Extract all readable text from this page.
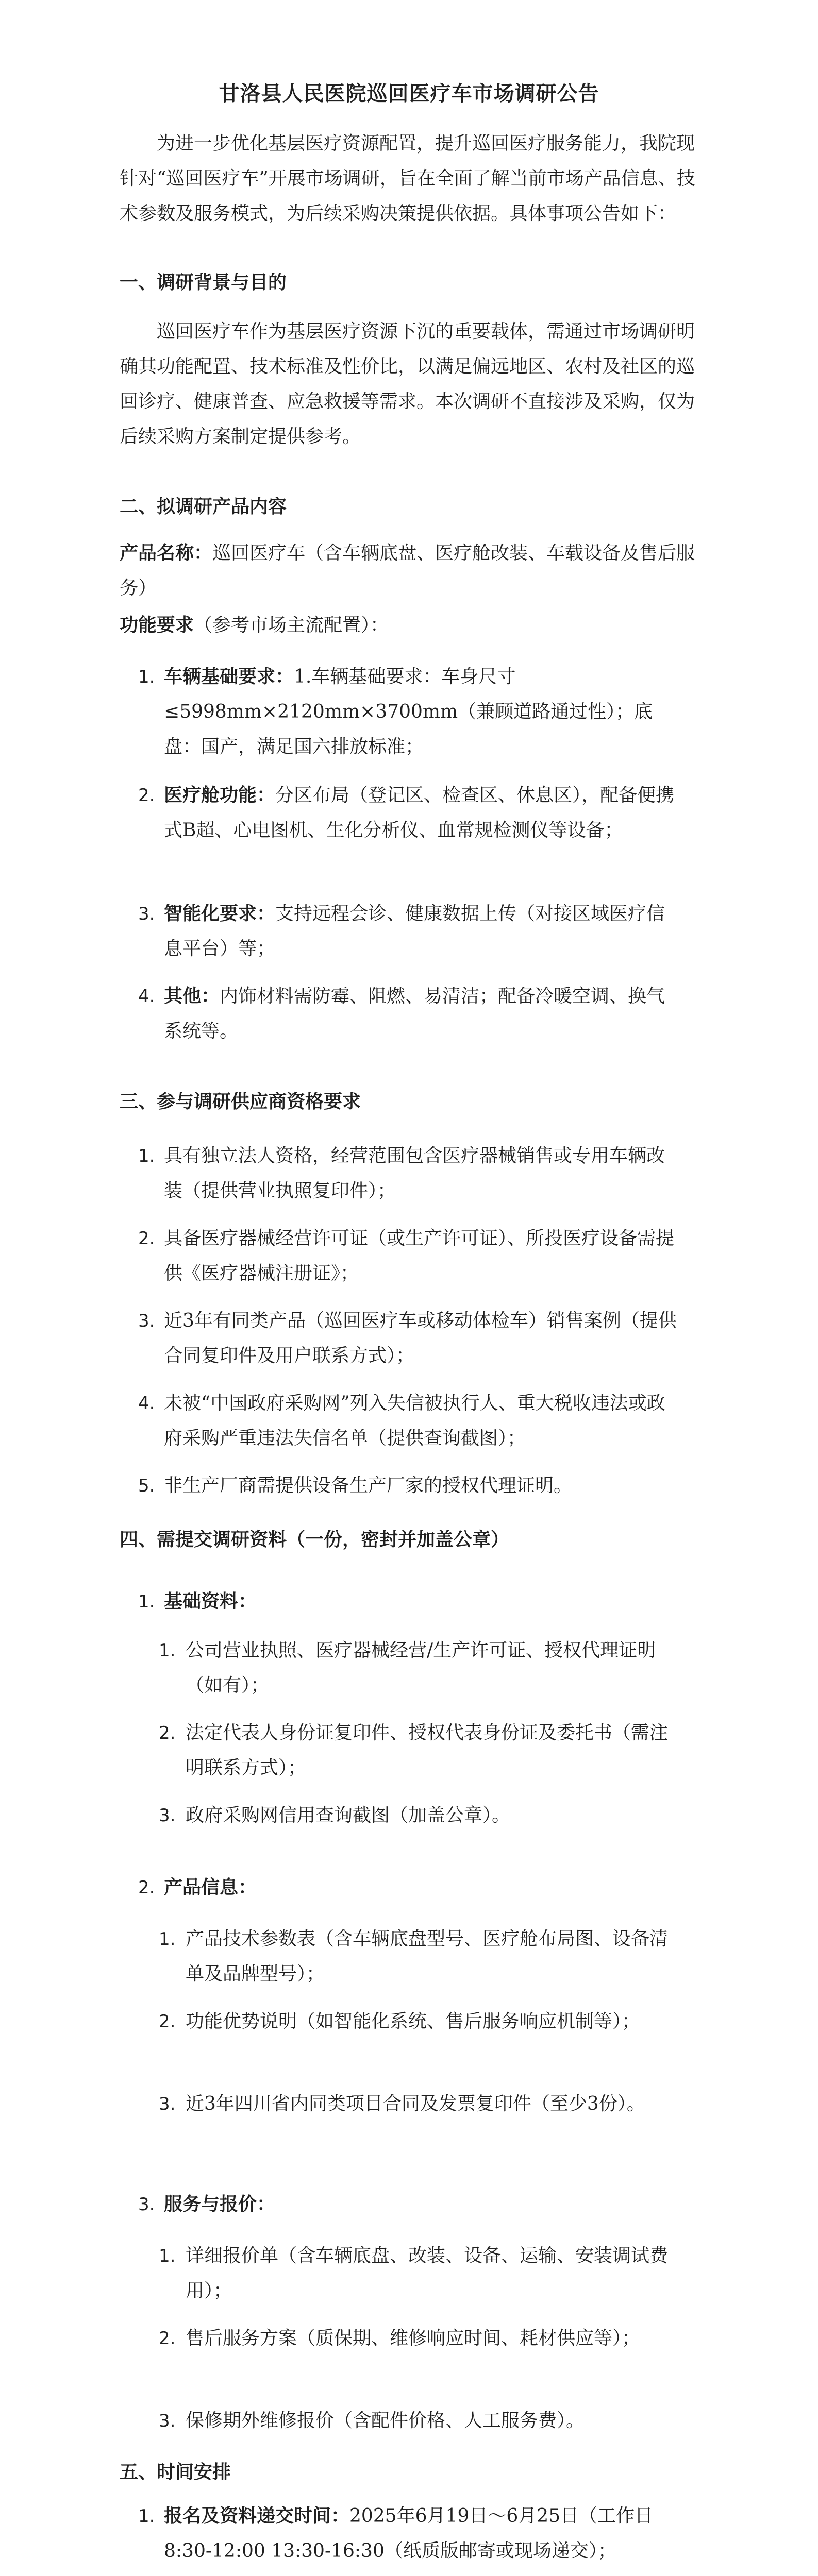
甘洛县人民医院巡回医疗车市场调研公告
为进一步优化基层医疗资源配置，提升巡回医疗服务能力，我院现针对“巡回医疗车”开展市场调研，旨在全面了解当前市场产品信息、技术参数及服务模式，为后续采购决策提供依据。具体事项公告如下：
一、调研背景与目的
巡回医疗车作为基层医疗资源下沉的重要载体，需通过市场调研明确其功能配置、技术标准及性价比，以满足偏远地区、农村及社区的巡回诊疗、健康普查、应急救援等需求。本次调研不直接涉及采购，仅为后续采购方案制定提供参考。
二、拟调研产品内容
产品名称：巡回医疗车（含车辆底盘、医疗舱改装、车载设备及售后服务）
功能要求（参考市场主流配置）：
1. 车辆基础要求：1.车辆基础要求：车身尺寸≤5998mm×2120mm×3700mm（兼顾道路通过性）；底盘：国产，满足国六排放标准；
2. 医疗舱功能：分区布局（登记区、检查区、休息区），配备便携式B超、心电图机、生化分析仪、血常规检测仪等设备；
3. 智能化要求：支持远程会诊、健康数据上传（对接区域医疗信息平台）等；
4. 其他：内饰材料需防霉、阻燃、易清洁；配备冷暖空调、换气系统等。
三、参与调研供应商资格要求
1. 具有独立法人资格，经营范围包含医疗器械销售或专用车辆改装（提供营业执照复印件）；
2. 具备医疗器械经营许可证（或生产许可证）、所投医疗设备需提供《医疗器械注册证》；
3. 近3年有同类产品（巡回医疗车或移动体检车）销售案例（提供合同复印件及用户联系方式）；
4. 未被“中国政府采购网”列入失信被执行人、重大税收违法或政府采购严重违法失信名单（提供查询截图）；
5. 非生产厂商需提供设备生产厂家的授权代理证明。
四、需提交调研资料（一份，密封并加盖公章）
1. 基础资料：
1. 公司营业执照、医疗器械经营/生产许可证、授权代理证明（如有）；
2. 法定代表人身份证复印件、授权代表身份证及委托书（需注明联系方式）；
3. 政府采购网信用查询截图（加盖公章）。
2. 产品信息：
1. 产品技术参数表（含车辆底盘型号、医疗舱布局图、设备清单及品牌型号）；
2. 功能优势说明（如智能化系统、售后服务响应机制等）；
3. 近3年四川省内同类项目合同及发票复印件（至少3份）。
3. 服务与报价：
1. 详细报价单（含车辆底盘、改装、设备、运输、安装调试费用）；
2. 售后服务方案（质保期、维修响应时间、耗材供应等）；
3. 保修期外维修报价（含配件价格、人工服务费）。
五、时间安排
1. 报名及资料递交时间：2025年6月19日～6月25日（工作日8:30-12:00 13:30-16:30（纸质版邮寄或现场递交）；
